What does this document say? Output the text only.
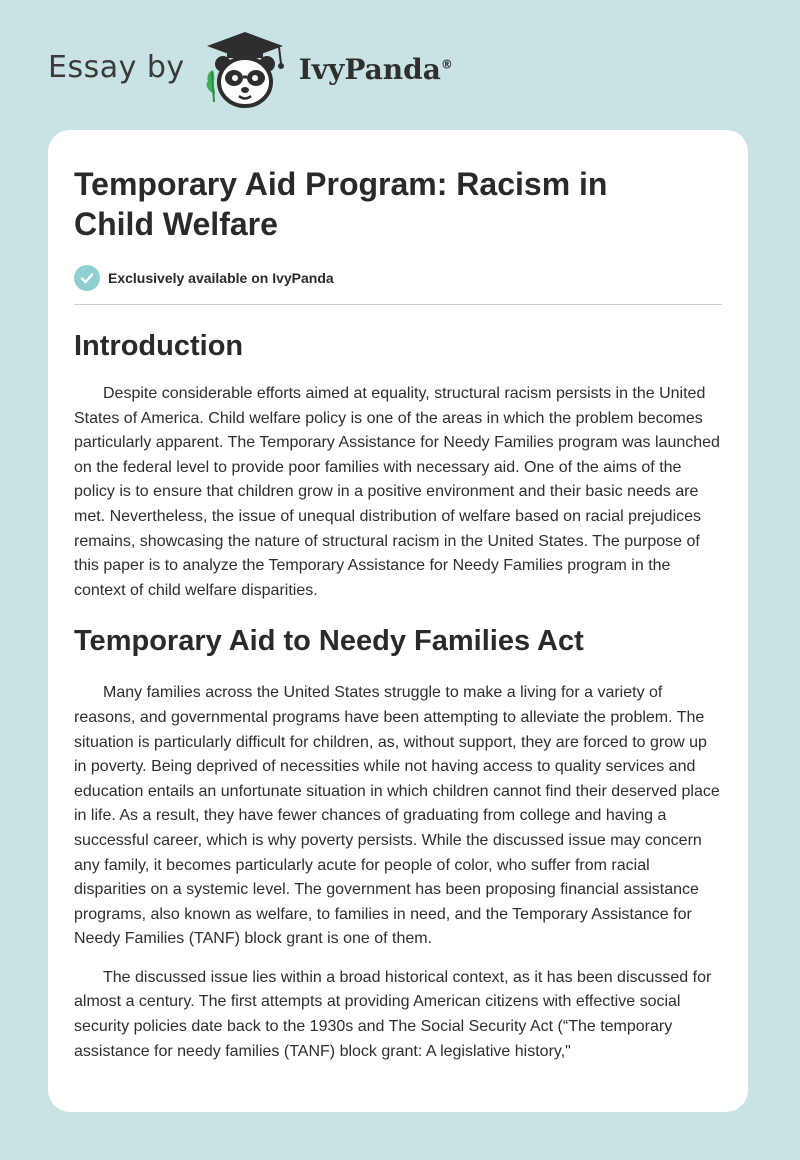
Essay by	IvyPanda®
Temporary Aid Program: Racism in Child Welfare
Exclusively available on IvyPanda
Introduction

Despite considerable efforts aimed at equality, structural racism persists in the United States of America. Child welfare policy is one of the areas in which the problem becomes particularly apparent. The Temporary Assistance for Needy Families program was launched on the federal level to provide poor families with necessary aid. One of the aims of the policy is to ensure that children grow in a positive environment and their basic needs are met. Nevertheless, the issue of unequal distribution of welfare based on racial prejudices remains, showcasing the nature of structural racism in the United States. The purpose of this paper is to analyze the Temporary Assistance for Needy Families program in the context of child welfare disparities.

Temporary Aid to Needy Families Act

Many families across the United States struggle to make a living for a variety of reasons, and governmental programs have been attempting to alleviate the problem. The situation is particularly difficult for children, as, without support, they are forced to grow up in poverty. Being deprived of necessities while not having access to quality services and education entails an unfortunate situation in which children cannot find their deserved place in life. As a result, they have fewer chances of graduating from college and having a successful career, which is why poverty persists. While the discussed issue may concern any family, it becomes particularly acute for people of color, who suffer from racial disparities on a systemic level. The government has been proposing financial assistance programs, also known as welfare, to families in need, and the Temporary Assistance for Needy Families (TANF) block grant is one of them.

The discussed issue lies within a broad historical context, as it has been discussed for almost a century. The first attempts at providing American citizens with effective social security policies date back to the 1930s and The Social Security Act (“The temporary assistance for needy families (TANF) block grant: A legislative history,"
